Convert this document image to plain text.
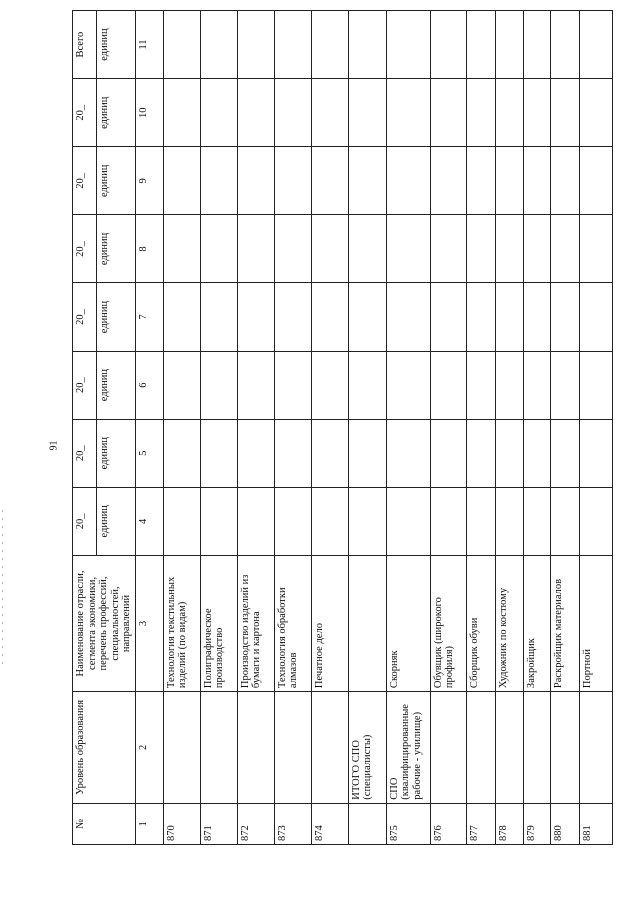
91
№	Уровень образования	Наименование отрасли, сегмента экономики, перечень профессий, специальностей, направлений	20_	20_	20_	20_	20_	20_	20_	Всего
			единиц	единиц	единиц	единиц	единиц	единиц	единиц	единиц
1	2	3	4	5	6	7	8	9	10	11
870		Технология текстильных изделий (по видам)								
871		Полиграфическое производство								
872		Производство изделий из бумаги и картона								
873		Технология обработки алмазов								
874		Печатное дело								
	ИТОГО СПО (специалисты)									
875	СПО (квалифицированные рабочие - училище)	Скорняк								
876		Обувщик (широкого профиля)								
877		Сборщик обуви								
878		Художник по костюму								
879		Закройщик								
880		Раскройщик материалов								
881		Портной								
